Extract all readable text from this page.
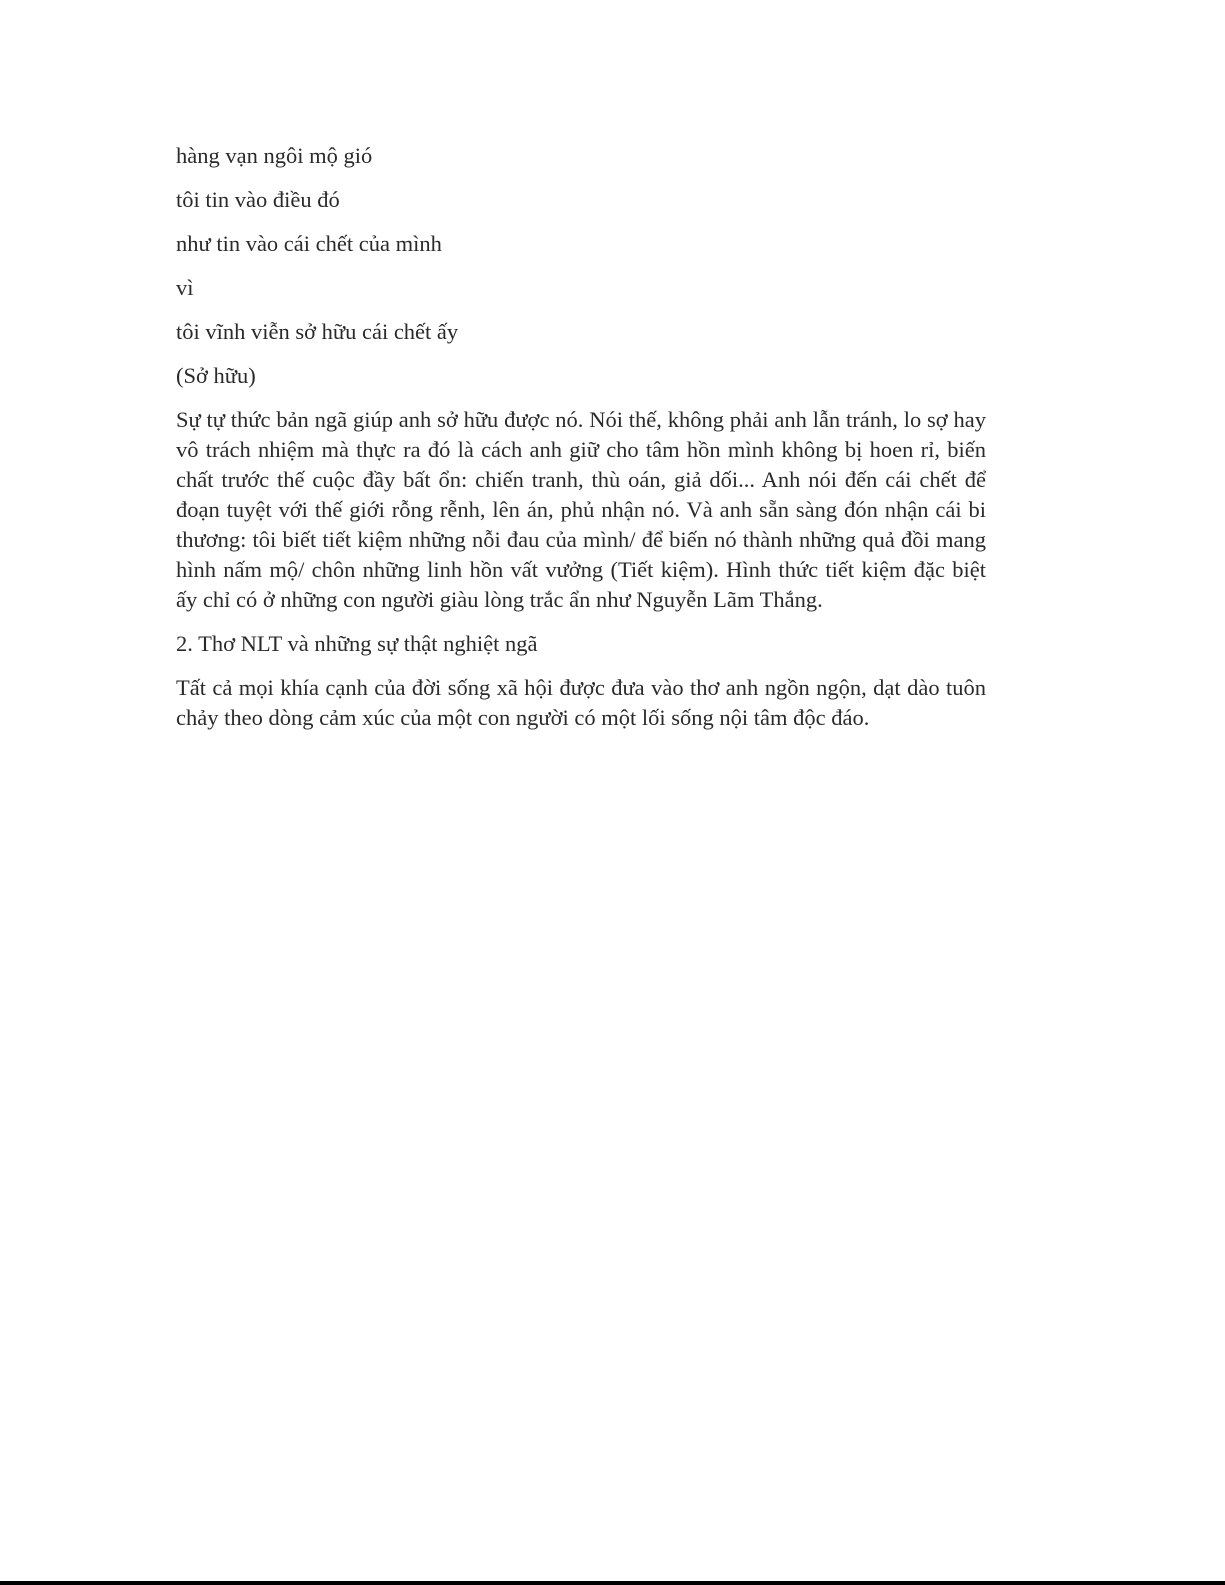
hàng vạn ngôi mộ gió

tôi tin vào điều đó

như tin vào cái chết của mình

vì

tôi vĩnh viễn sở hữu cái chết ấy

(Sở hữu)

Sự tự thức bản ngã giúp anh sở hữu được nó. Nói thế, không phải anh lẫn tránh, lo sợ hay vô trách nhiệm mà thực ra đó là cách anh giữ cho tâm hồn mình không bị hoen rỉ, biến chất trước thế cuộc đầy bất ổn: chiến tranh, thù oán, giả dối... Anh nói đến cái chết để đoạn tuyệt với thế giới rỗng rễnh, lên án, phủ nhận nó. Và anh sẵn sàng đón nhận cái bi thương: tôi biết tiết kiệm những nỗi đau của mình/ để biến nó thành những quả đồi mang hình nấm mộ/ chôn những linh hồn vất vưởng (Tiết kiệm). Hình thức tiết kiệm đặc biệt ấy chỉ có ở những con người giàu lòng trắc ẩn như Nguyễn Lãm Thắng.

2. Thơ NLT và những sự thật nghiệt ngã

Tất cả mọi khía cạnh của đời sống xã hội được đưa vào thơ anh ngồn ngộn, dạt dào tuôn chảy theo dòng cảm xúc của một con người có một lối sống nội tâm độc đáo.
